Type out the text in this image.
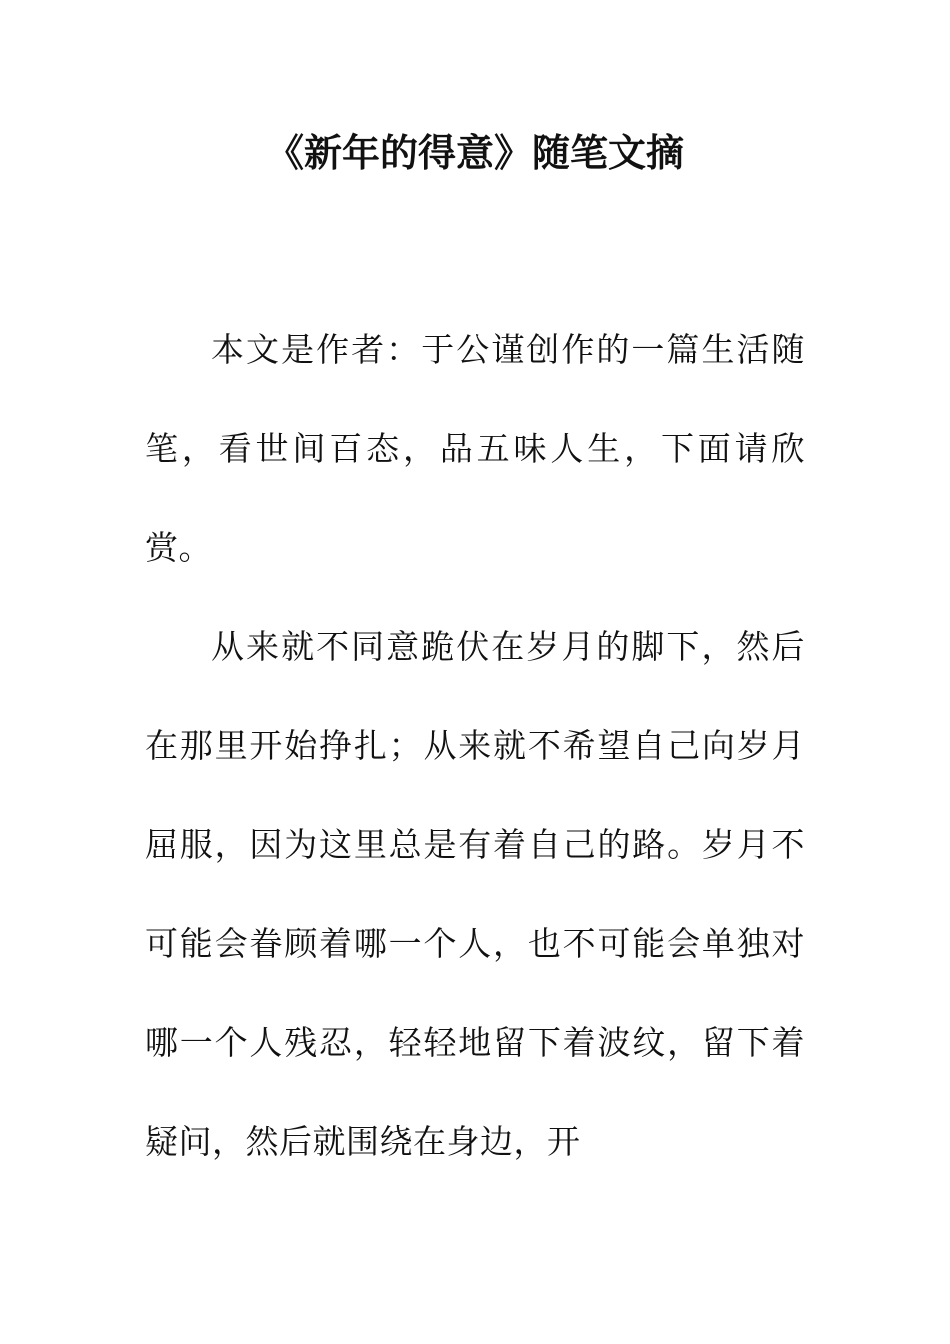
《新年的得意》随笔文摘

本文是作者：于公谨创作的一篇生活随笔，看世间百态，品五味人生，下面请欣赏。

从来就不同意跪伏在岁月的脚下，然后在那里开始挣扎；从来就不希望自己向岁月屈服，因为这里总是有着自己的路。岁月不可能会眷顾着哪一个人，也不可能会单独对哪一个人残忍，轻轻地留下着波纹，留下着疑问，然后就围绕在身边，开
